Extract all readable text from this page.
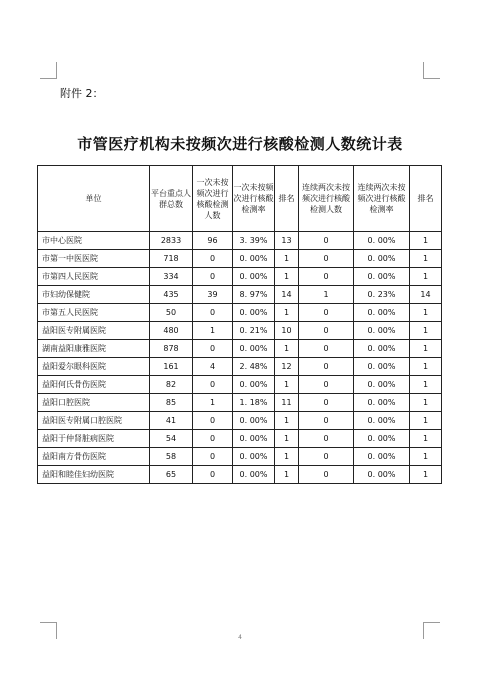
附件 2：
市管医疗机构未按频次进行核酸检测人数统计表
单位	平台重点人群总数	一次未按频次进行核酸检测人数	一次未按频次进行核酸检测率	排名	连续两次未按频次进行核酸检测人数	连续两次未按频次进行核酸检测率	排名
市中心医院	2833	96	3. 39%	13	0	0. 00%	1
市第一中医医院	718	0	0. 00%	1	0	0. 00%	1
市第四人民医院	334	0	0. 00%	1	0	0. 00%	1
市妇幼保健院	435	39	8. 97%	14	1	0. 23%	14
市第五人民医院	50	0	0. 00%	1	0	0. 00%	1
益阳医专附属医院	480	1	0. 21%	10	0	0. 00%	1
湖南益阳康雅医院	878	0	0. 00%	1	0	0. 00%	1
益阳爱尔眼科医院	161	4	2. 48%	12	0	0. 00%	1
益阳何氏骨伤医院	82	0	0. 00%	1	0	0. 00%	1
益阳口腔医院	85	1	1. 18%	11	0	0. 00%	1
益阳医专附属口腔医院	41	0	0. 00%	1	0	0. 00%	1
益阳于仲肾脏病医院	54	0	0. 00%	1	0	0. 00%	1
益阳南方骨伤医院	58	0	0. 00%	1	0	0. 00%	1
益阳和睦佳妇幼医院	65	0	0. 00%	1	0	0. 00%	1
4
